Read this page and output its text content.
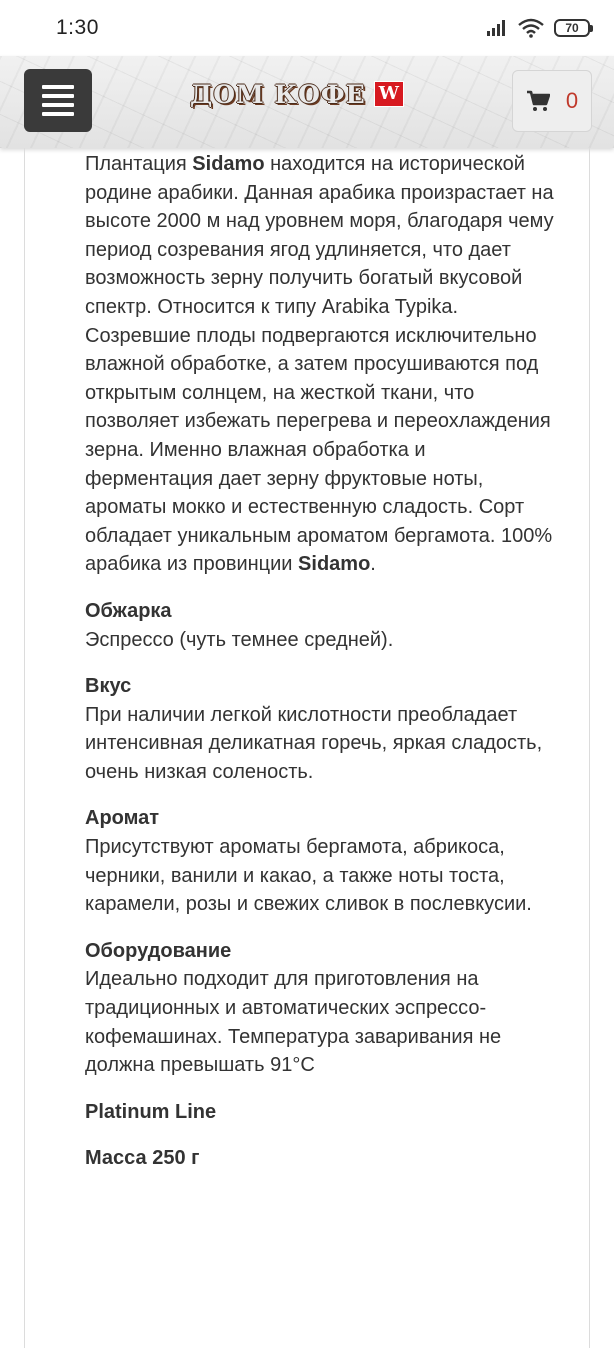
1:30	70
ДОМ КОФЕ W	0

Плантация Sidamo находится на исторической родине арабики. Данная арабика произрастает на высоте 2000 м над уровнем моря, благодаря чему период созревания ягод удлиняется, что дает возможность зерну получить богатый вкусовой спектр. Относится к типу Arabika Typika. Созревшие плоды подвергаются исключительно влажной обработке, а затем просушиваются под открытым солнцем, на жесткой ткани, что позволяет избежать перегрева и переохлаждения зерна. Именно влажная обработка и ферментация дает зерну фруктовые ноты, ароматы мокко и естественную сладость. Сорт обладает уникальным ароматом бергамота. 100% арабика из провинции Sidamo.

Обжарка
Эспрессо (чуть темнее средней).
Вкус
При наличии легкой кислотности преобладает интенсивная деликатная горечь, яркая сладость, очень низкая соленость.
Аромат
Присутствуют ароматы бергамота, абрикоса, черники, ванили и какао, а также ноты тоста, карамели, розы и свежих сливок в послевкусии.
Оборудование
Идеально подходит для приготовления на традиционных и автоматических эспрессо-кофемашинах. Температура заваривания не должна превышать 91°C
Platinum Line
Масса 250 г
